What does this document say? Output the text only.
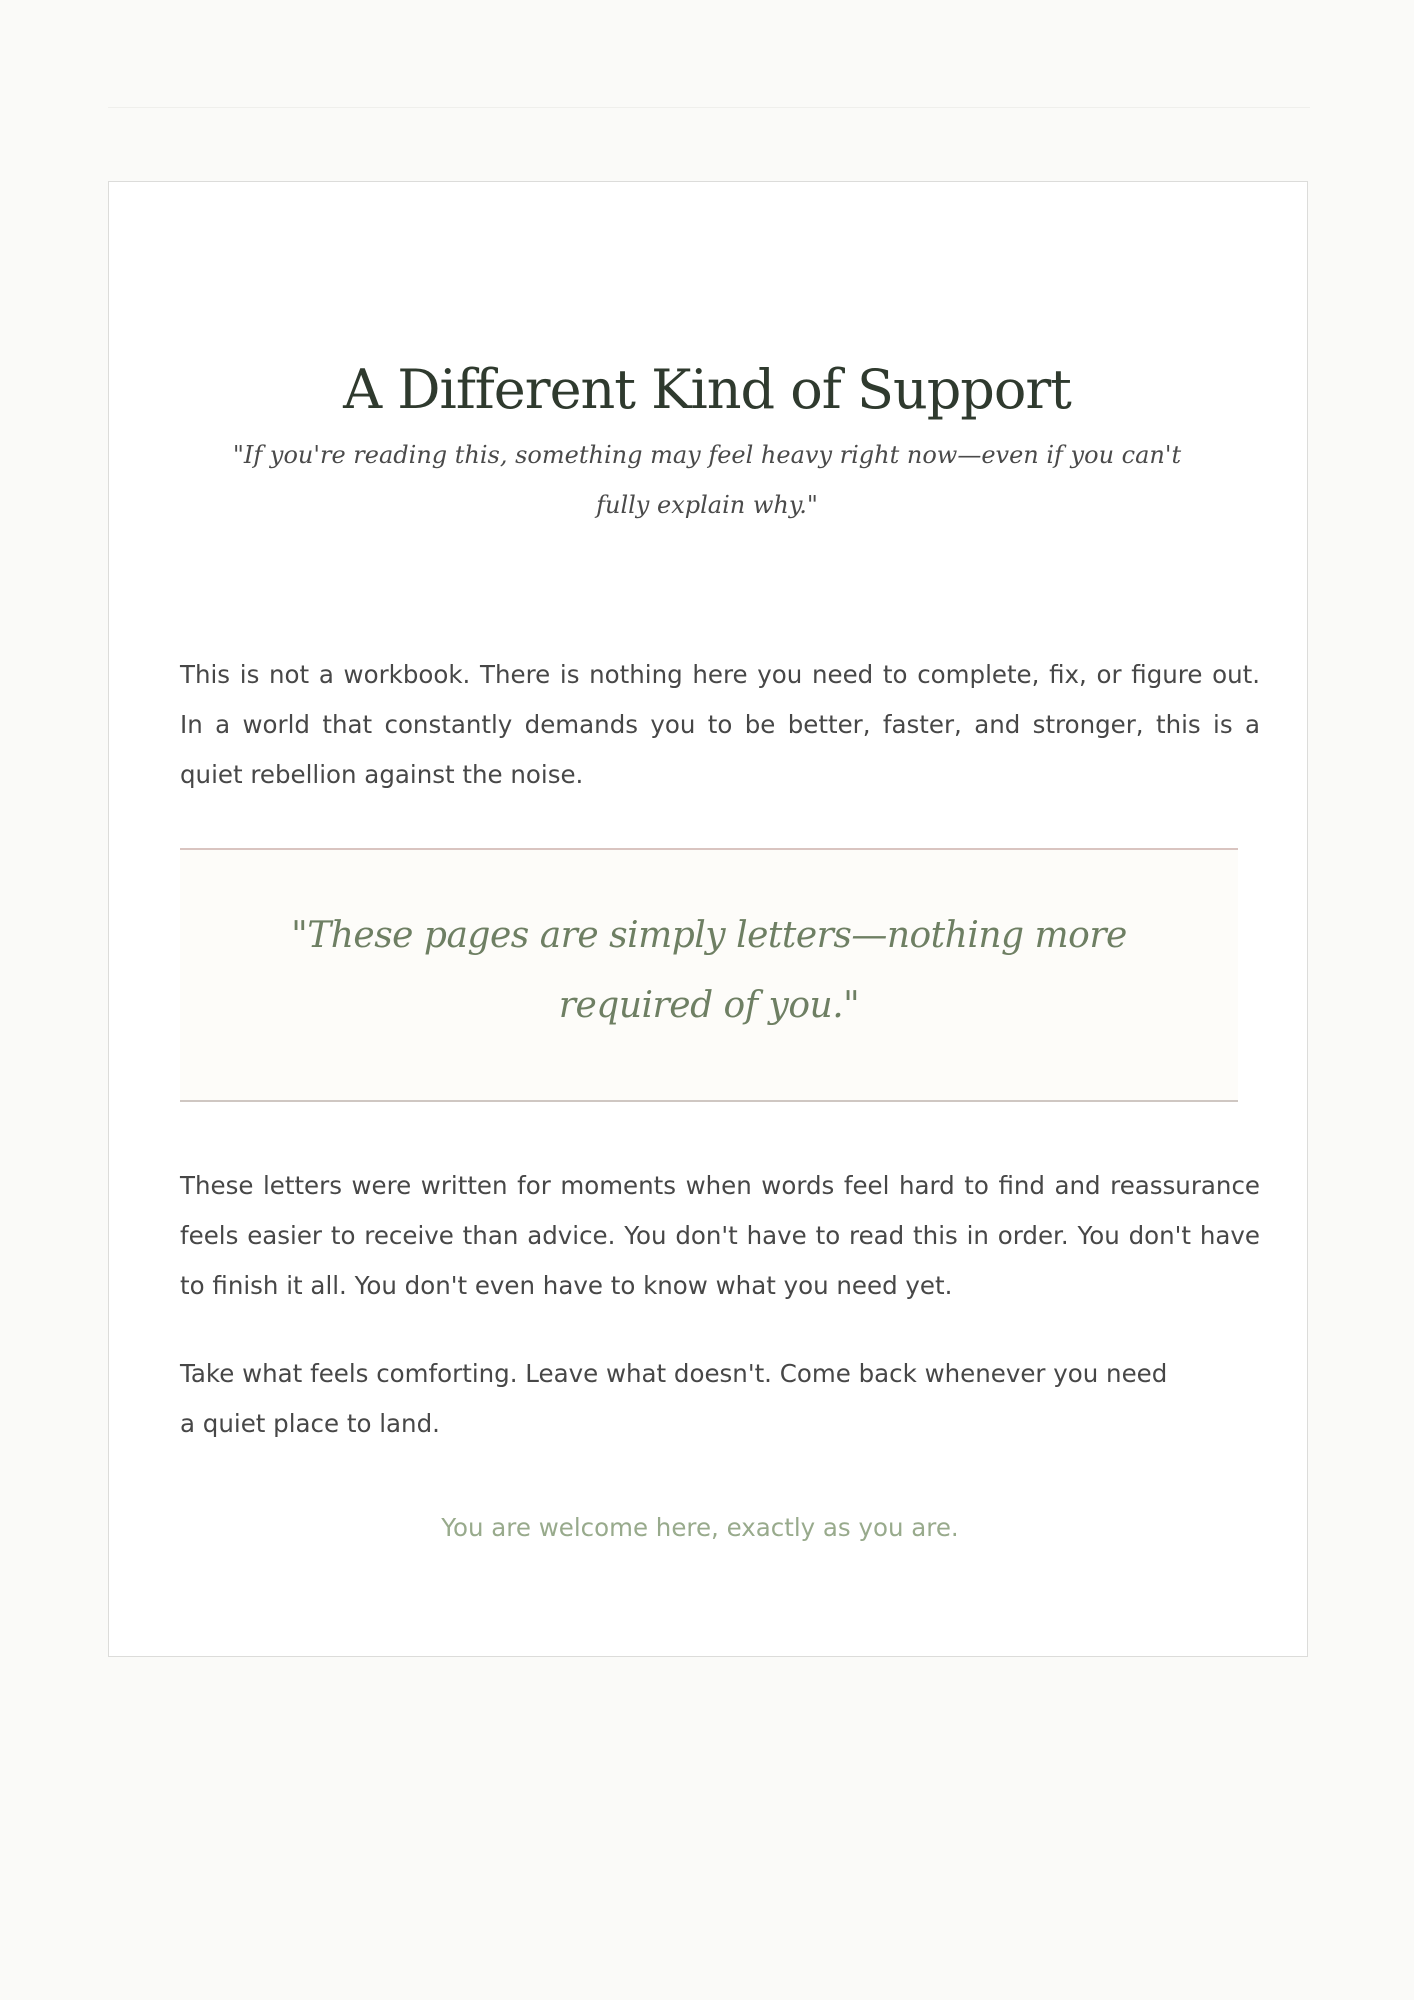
A Different Kind of Support

"If you're reading this, something may feel heavy right now—even if you can't fully explain why."

This is not a workbook. There is nothing here you need to complete, fix, or figure out. In a world that constantly demands you to be better, faster, and stronger, this is a quiet rebellion against the noise.

"These pages are simply letters—nothing more required of you."

These letters were written for moments when words feel hard to find and reassurance feels easier to receive than advice. You don't have to read this in order. You don't have to finish it all. You don't even have to know what you need yet.

Take what feels comforting. Leave what doesn't. Come back whenever you need a quiet place to land.

You are welcome here, exactly as you are.
